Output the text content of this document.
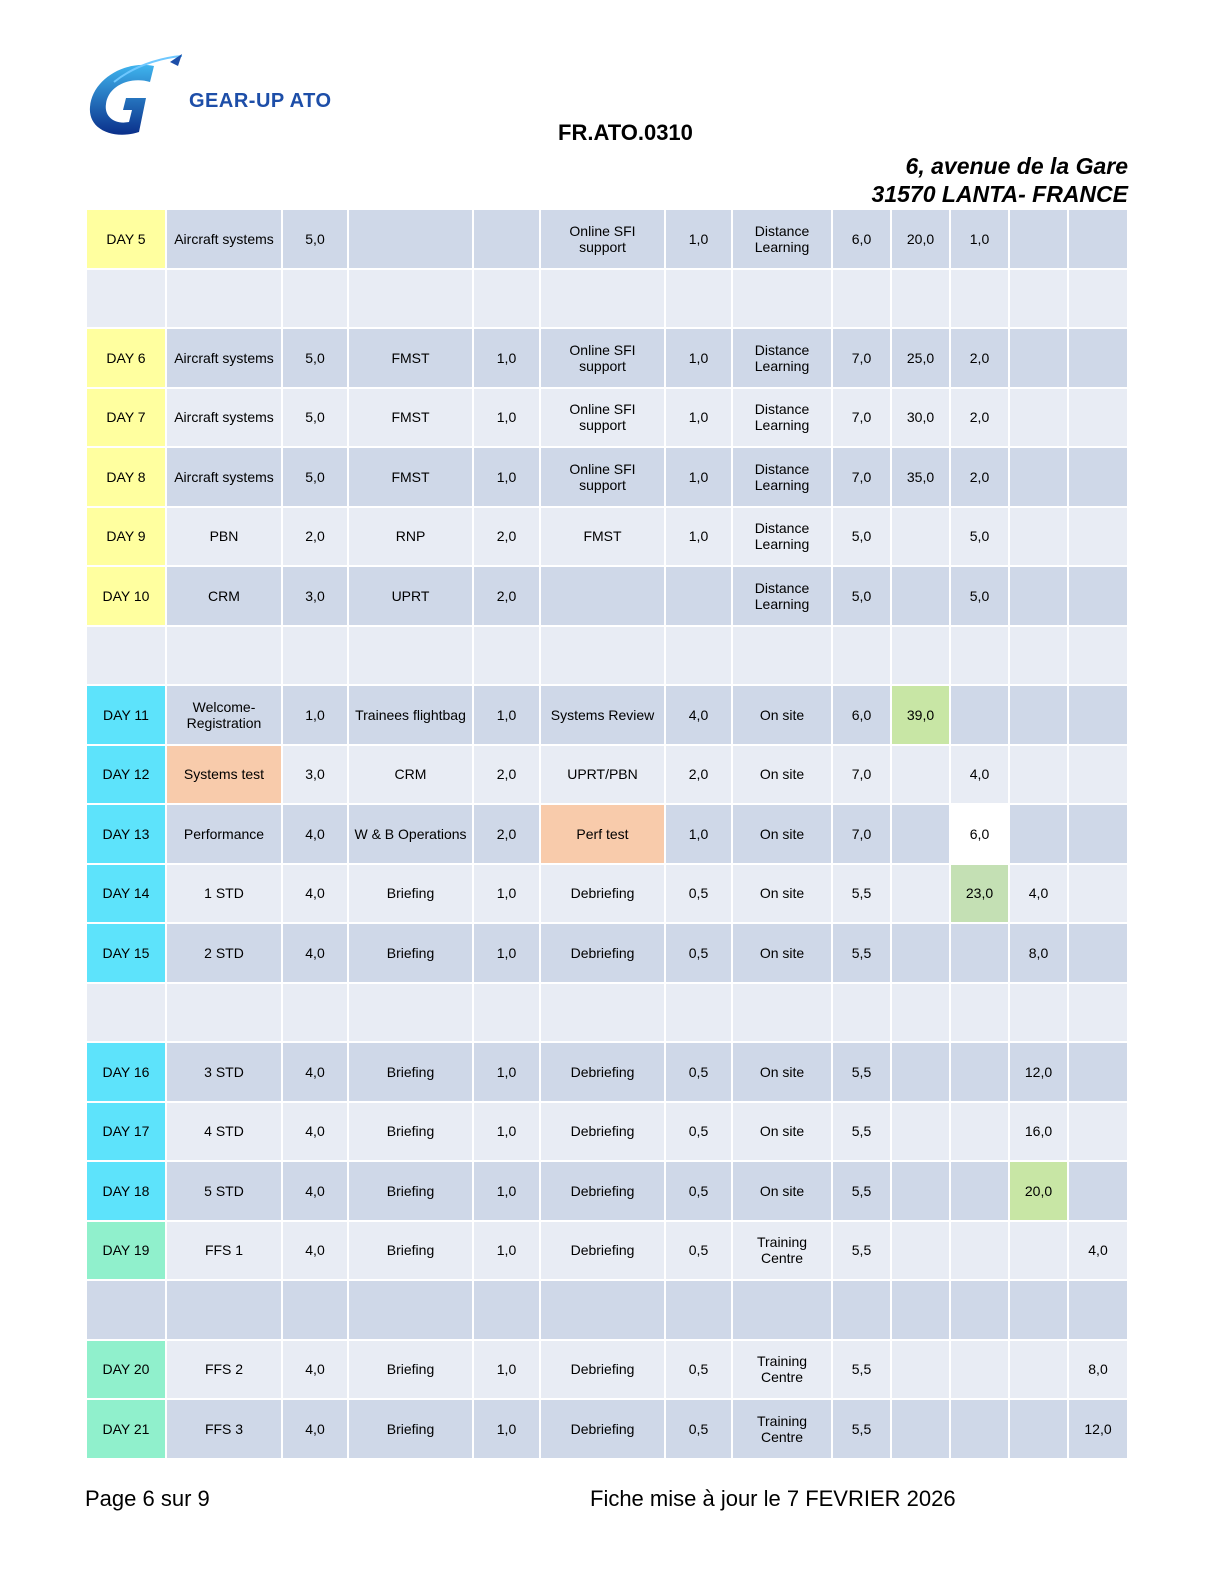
GEAR-UP ATO
FR.ATO.0310
6, avenue de la Gare
31570 LANTA- FRANCE
DAY 5	Aircraft systems	5,0			Online SFI support	1,0	Distance Learning	6,0	20,0	1,0		

DAY 6	Aircraft systems	5,0	FMST	1,0	Online SFI support	1,0	Distance Learning	7,0	25,0	2,0		
DAY 7	Aircraft systems	5,0	FMST	1,0	Online SFI support	1,0	Distance Learning	7,0	30,0	2,0		
DAY 8	Aircraft systems	5,0	FMST	1,0	Online SFI support	1,0	Distance Learning	7,0	35,0	2,0		
DAY 9	PBN	2,0	RNP	2,0	FMST	1,0	Distance Learning	5,0		5,0		
DAY 10	CRM	3,0	UPRT	2,0			Distance Learning	5,0		5,0		

DAY 11	Welcome-Registration	1,0	Trainees flightbag	1,0	Systems Review	4,0	On site	6,0	39,0			
DAY 12	Systems test	3,0	CRM	2,0	UPRT/PBN	2,0	On site	7,0		4,0		
DAY 13	Performance	4,0	W & B Operations	2,0	Perf test	1,0	On site	7,0		6,0		
DAY 14	1 STD	4,0	Briefing	1,0	Debriefing	0,5	On site	5,5		23,0	4,0	
DAY 15	2 STD	4,0	Briefing	1,0	Debriefing	0,5	On site	5,5			8,0	

DAY 16	3 STD	4,0	Briefing	1,0	Debriefing	0,5	On site	5,5			12,0	
DAY 17	4 STD	4,0	Briefing	1,0	Debriefing	0,5	On site	5,5			16,0	
DAY 18	5 STD	4,0	Briefing	1,0	Debriefing	0,5	On site	5,5			20,0	
DAY 19	FFS 1	4,0	Briefing	1,0	Debriefing	0,5	Training Centre	5,5				4,0

DAY 20	FFS 2	4,0	Briefing	1,0	Debriefing	0,5	Training Centre	5,5				8,0
DAY 21	FFS 3	4,0	Briefing	1,0	Debriefing	0,5	Training Centre	5,5				12,0
Page 6 sur 9	Fiche mise à jour le 7 FEVRIER 2026
